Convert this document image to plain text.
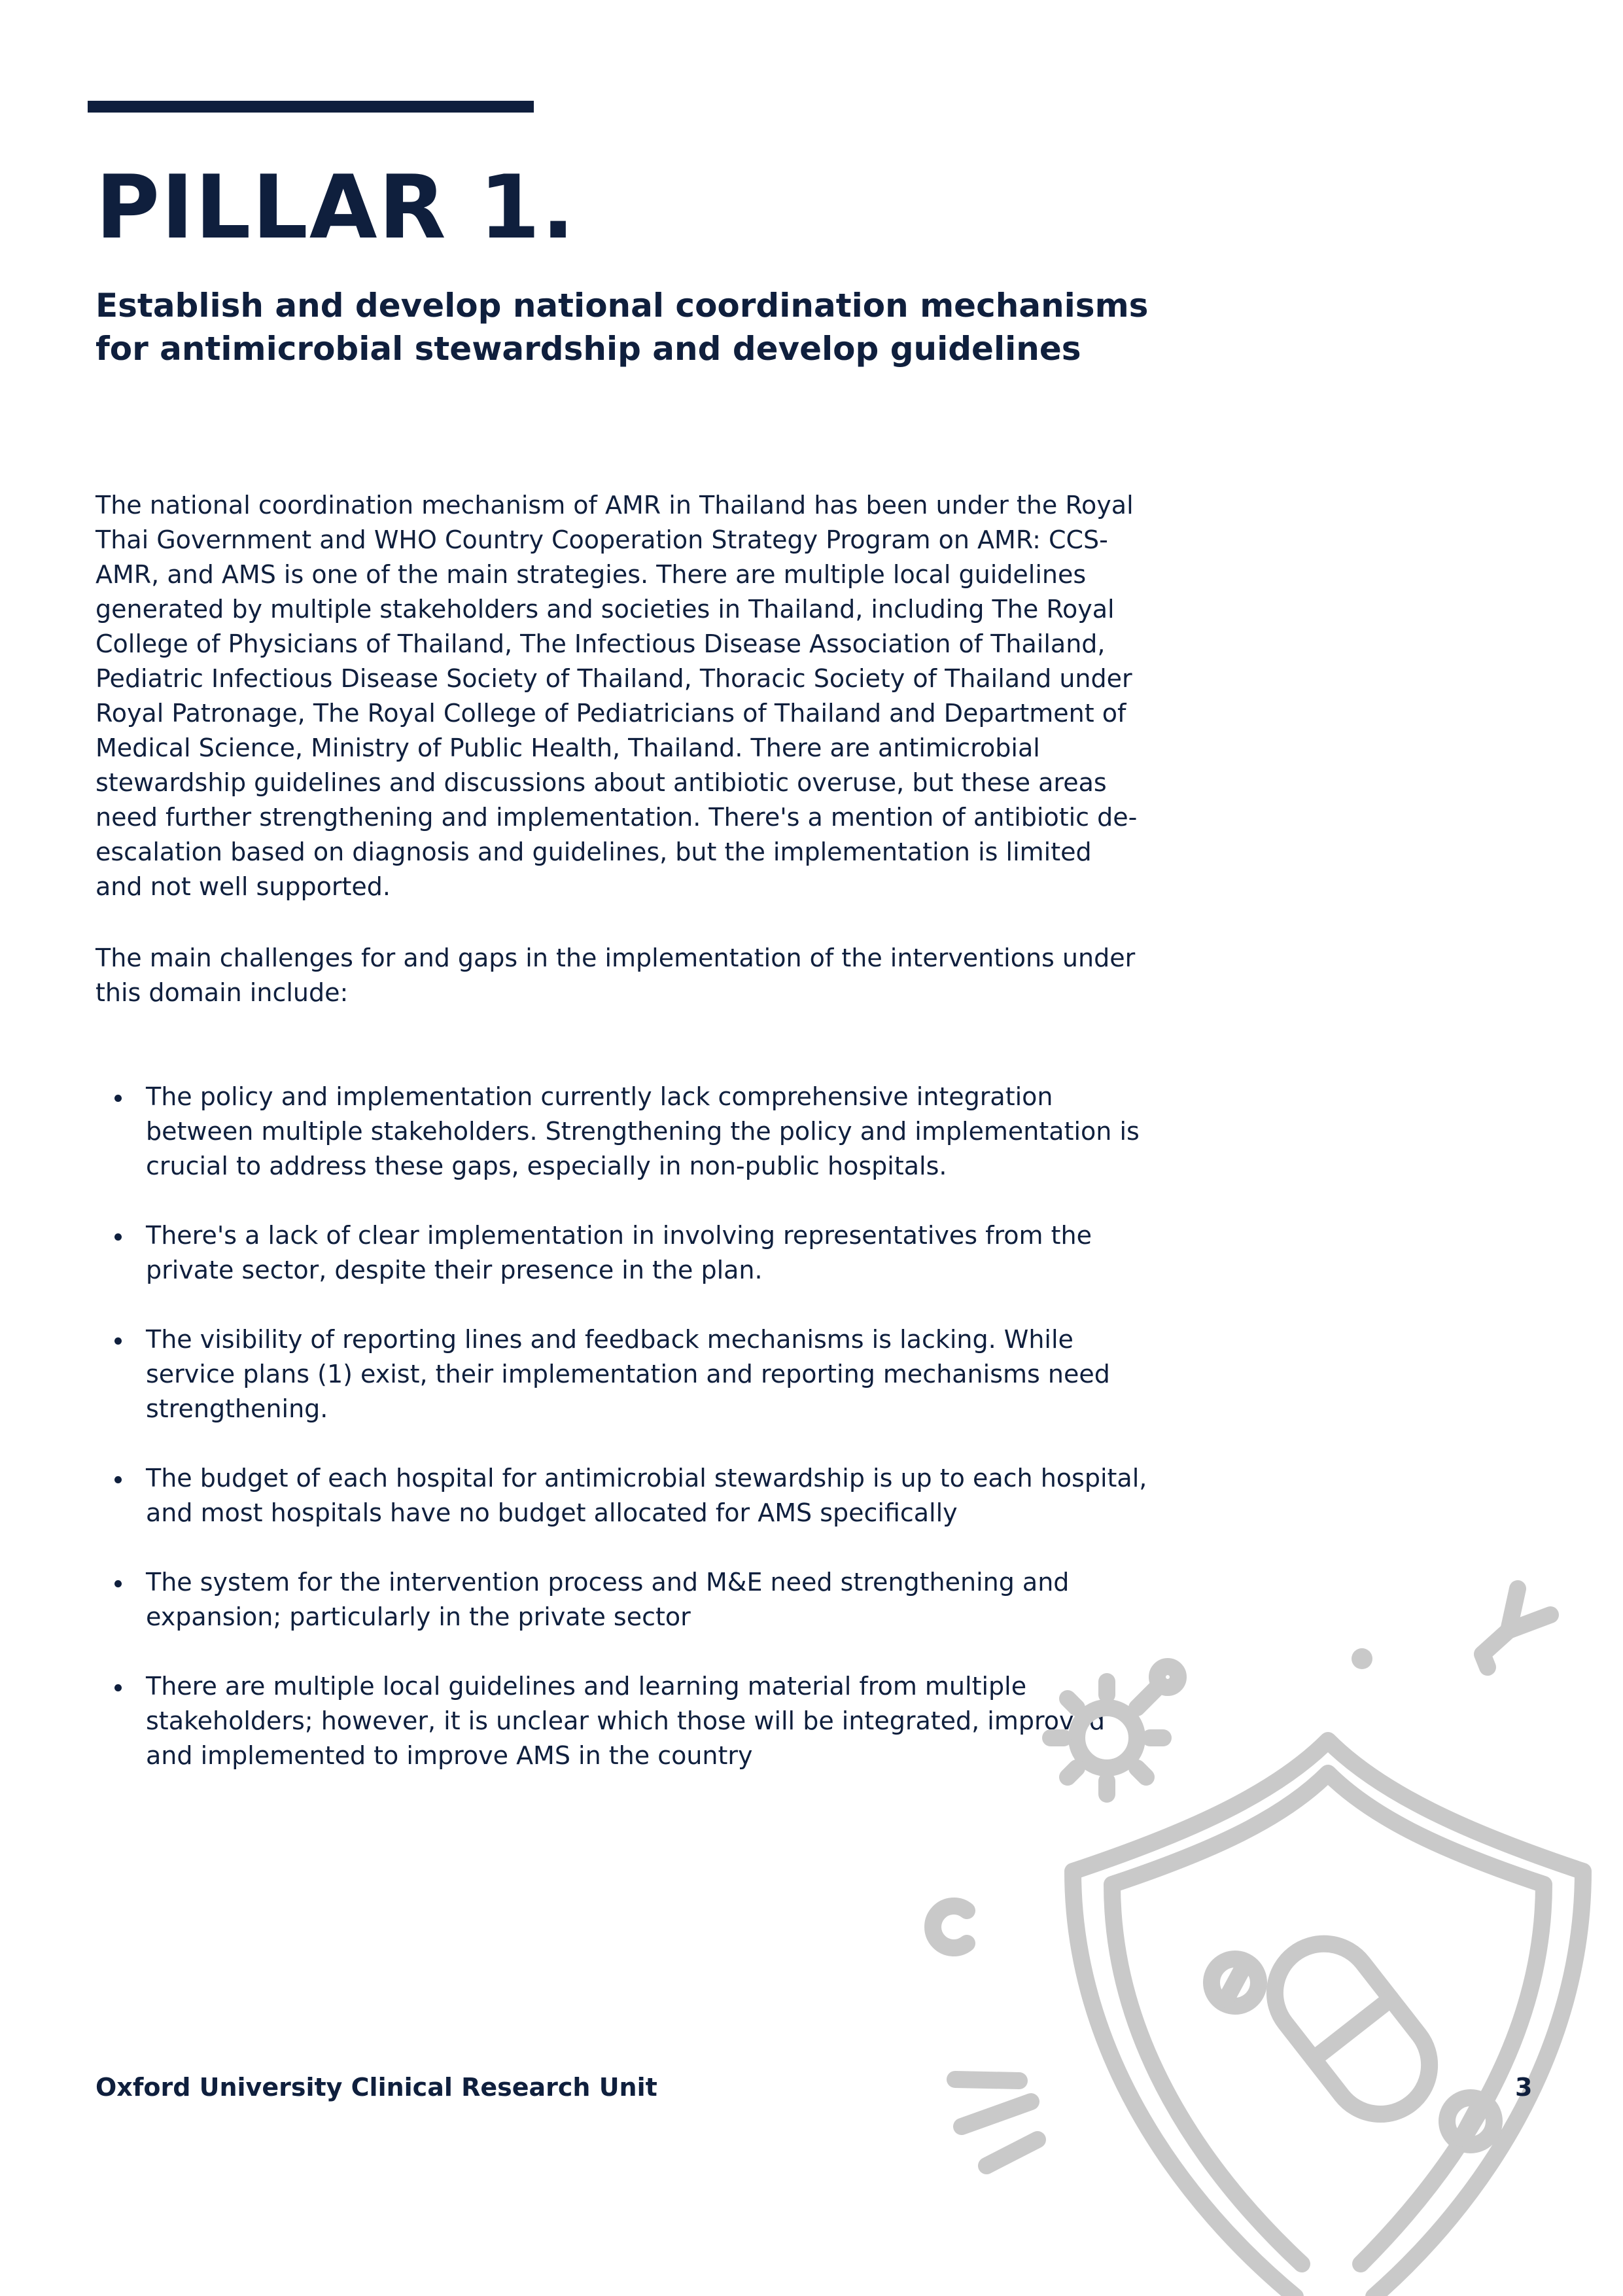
PILLAR 1.
Establish and develop national coordination mechanisms for antimicrobial stewardship and develop guidelines

The national coordination mechanism of AMR in Thailand has been under the Royal Thai Government and WHO Country Cooperation Strategy Program on AMR: CCS-AMR, and AMS is one of the main strategies. There are multiple local guidelines generated by multiple stakeholders and societies in Thailand, including The Royal College of Physicians of Thailand, The Infectious Disease Association of Thailand, Pediatric Infectious Disease Society of Thailand, Thoracic Society of Thailand under Royal Patronage, The Royal College of Pediatricians of Thailand and Department of Medical Science, Ministry of Public Health, Thailand. There are antimicrobial stewardship guidelines and discussions about antibiotic overuse, but these areas need further strengthening and implementation. There's a mention of antibiotic de-escalation based on diagnosis and guidelines, but the implementation is limited and not well supported.

The main challenges for and gaps in the implementation of the interventions under this domain include:

The policy and implementation currently lack comprehensive integration between multiple stakeholders. Strengthening the policy and implementation is crucial to address these gaps, especially in non-public hospitals.
There's a lack of clear implementation in involving representatives from the private sector, despite their presence in the plan.
The visibility of reporting lines and feedback mechanisms is lacking. While service plans (1) exist, their implementation and reporting mechanisms need strengthening.
The budget of each hospital for antimicrobial stewardship is up to each hospital, and most hospitals have no budget allocated for AMS specifically
The system for the intervention process and M&E need strengthening and expansion; particularly in the private sector
There are multiple local guidelines and learning material from multiple stakeholders; however, it is unclear which those will be integrated, improved and implemented to improve AMS in the country

Oxford University Clinical Research Unit	3
